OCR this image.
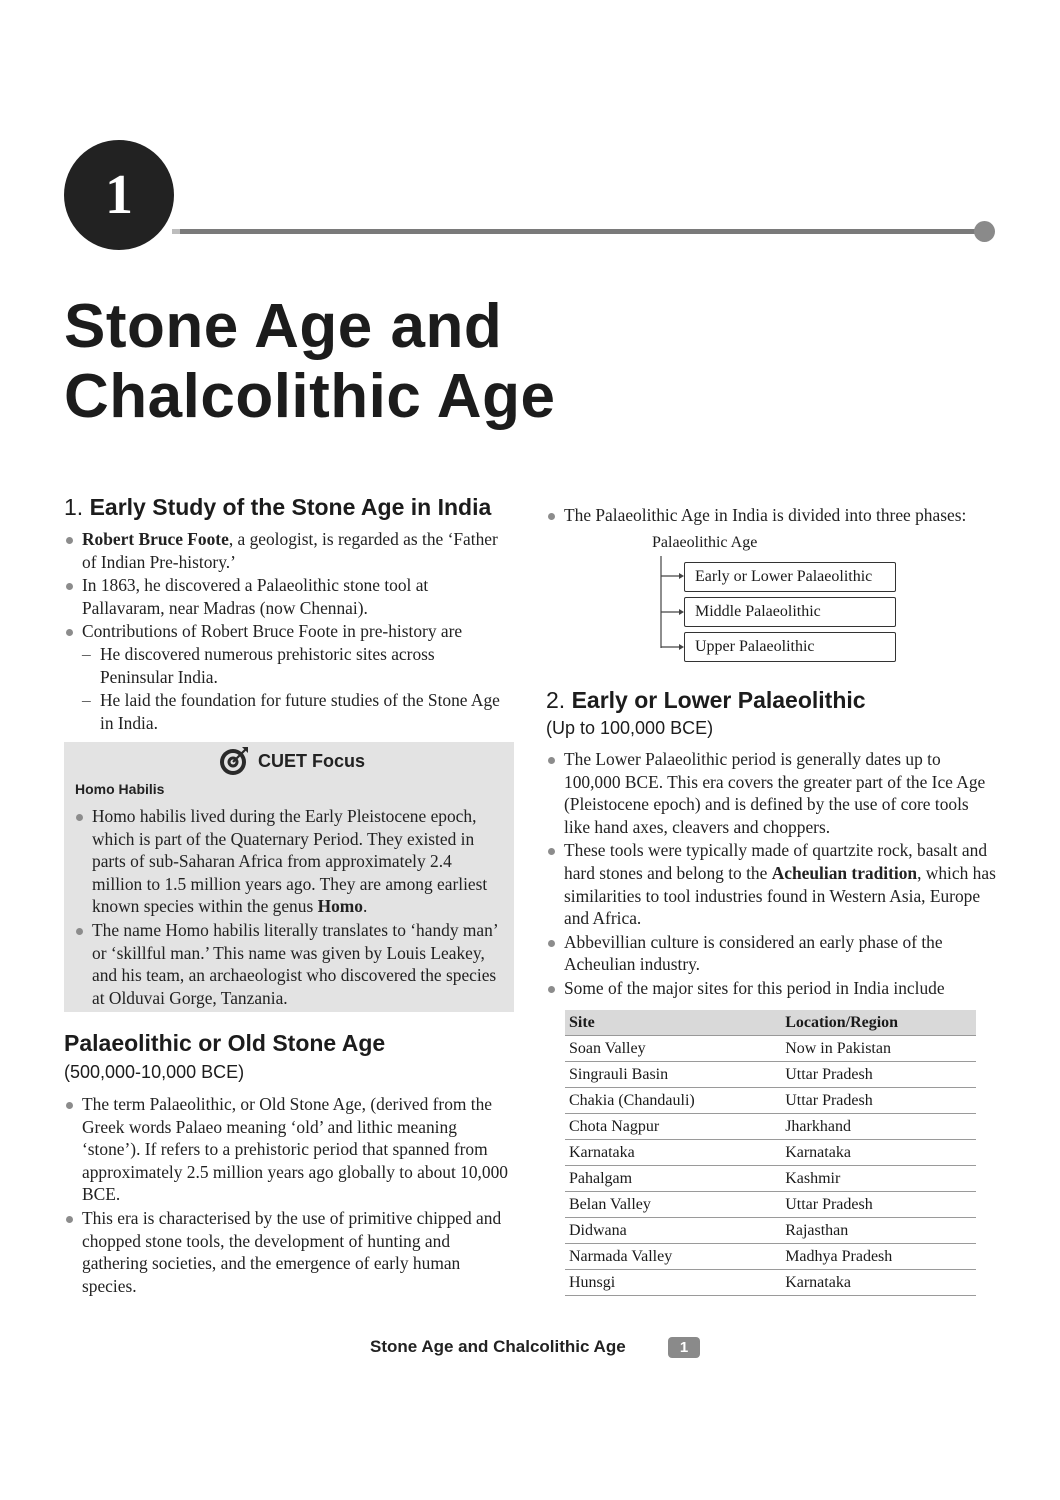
1
Stone Age and
Chalcolithic Age
1. Early Study of the Stone Age in India
Robert Bruce Foote, a geologist, is regarded as the ‘Father of Indian Pre-history.’
In 1863, he discovered a Palaeolithic stone tool at Pallavaram, near Madras (now Chennai).
Contributions of Robert Bruce Foote in pre-history are
– He discovered numerous prehistoric sites across Peninsular India.
– He laid the foundation for future studies of the Stone Age in India.
CUET Focus
Homo Habilis
Homo habilis lived during the Early Pleistocene epoch, which is part of the Quaternary Period. They existed in parts of sub-Saharan Africa from approximately 2.4 million to 1.5 million years ago. They are among earliest known species within the genus Homo.
The name Homo habilis literally translates to ‘handy man’ or ‘skillful man.’ This name was given by Louis Leakey, and his team, an archaeologist who discovered the species at Olduvai Gorge, Tanzania.
Palaeolithic or Old Stone Age
(500,000-10,000 BCE)
The term Palaeolithic, or Old Stone Age, (derived from the Greek words Palaeo meaning ‘old’ and lithic meaning ‘stone’). If refers to a prehistoric period that spanned from approximately 2.5 million years ago globally to about 10,000 BCE.
This era is characterised by the use of primitive chipped and chopped stone tools, the development of hunting and gathering societies, and the emergence of early human species.
The Palaeolithic Age in India is divided into three phases:
Palaeolithic Age
Early or Lower Palaeolithic
Middle Palaeolithic
Upper Palaeolithic
2. Early or Lower Palaeolithic
(Up to 100,000 BCE)
The Lower Palaeolithic period is generally dates up to 100,000 BCE. This era covers the greater part of the Ice Age (Pleistocene epoch) and is defined by the use of core tools like hand axes, cleavers and choppers.
These tools were typically made of quartzite rock, basalt and hard stones and belong to the Acheulian tradition, which has similarities to tool industries found in Western Asia, Europe and Africa.
Abbevillian culture is considered an early phase of the Acheulian industry.
Some of the major sites for this period in India include
Site	Location/Region
Soan Valley	Now in Pakistan
Singrauli Basin	Uttar Pradesh
Chakia (Chandauli)	Uttar Pradesh
Chota Nagpur	Jharkhand
Karnataka	Karnataka
Pahalgam	Kashmir
Belan Valley	Uttar Pradesh
Didwana	Rajasthan
Narmada Valley	Madhya Pradesh
Hunsgi	Karnataka
Stone Age and Chalcolithic Age	1
